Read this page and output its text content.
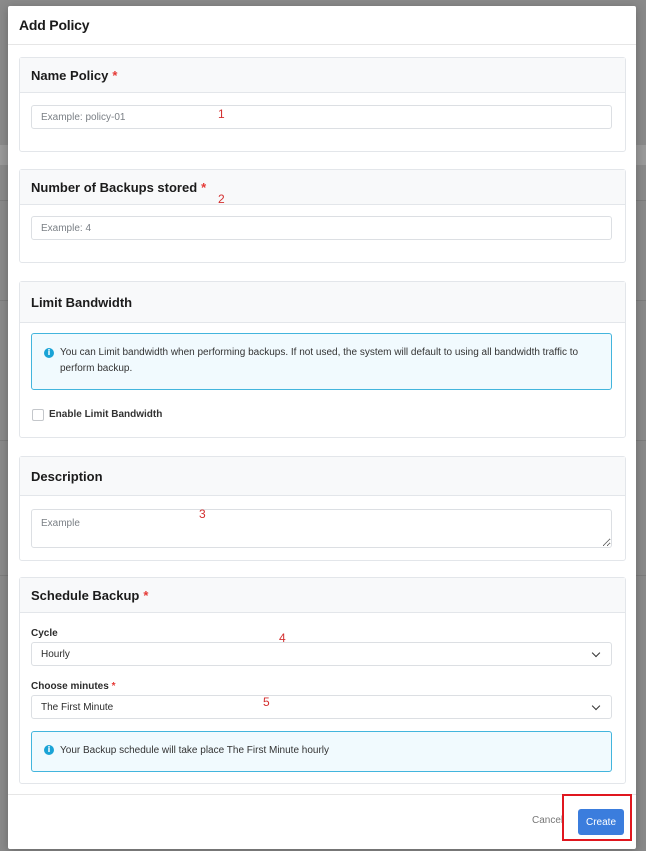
Add Policy
Name Policy *
Example: policy-01
1
Number of Backups stored *
Example: 4
2
Limit Bandwidth
i You can Limit bandwidth when performing backups. If not used, the system will default to using all bandwidth traffic to
perform backup.
Enable Limit Bandwidth
Description
Example
3
Schedule Backup *
Cycle
Hourly
4
Choose minutes *
The First Minute	5
i Your Backup schedule will take place The First Minute hourly
Cancel	Create
